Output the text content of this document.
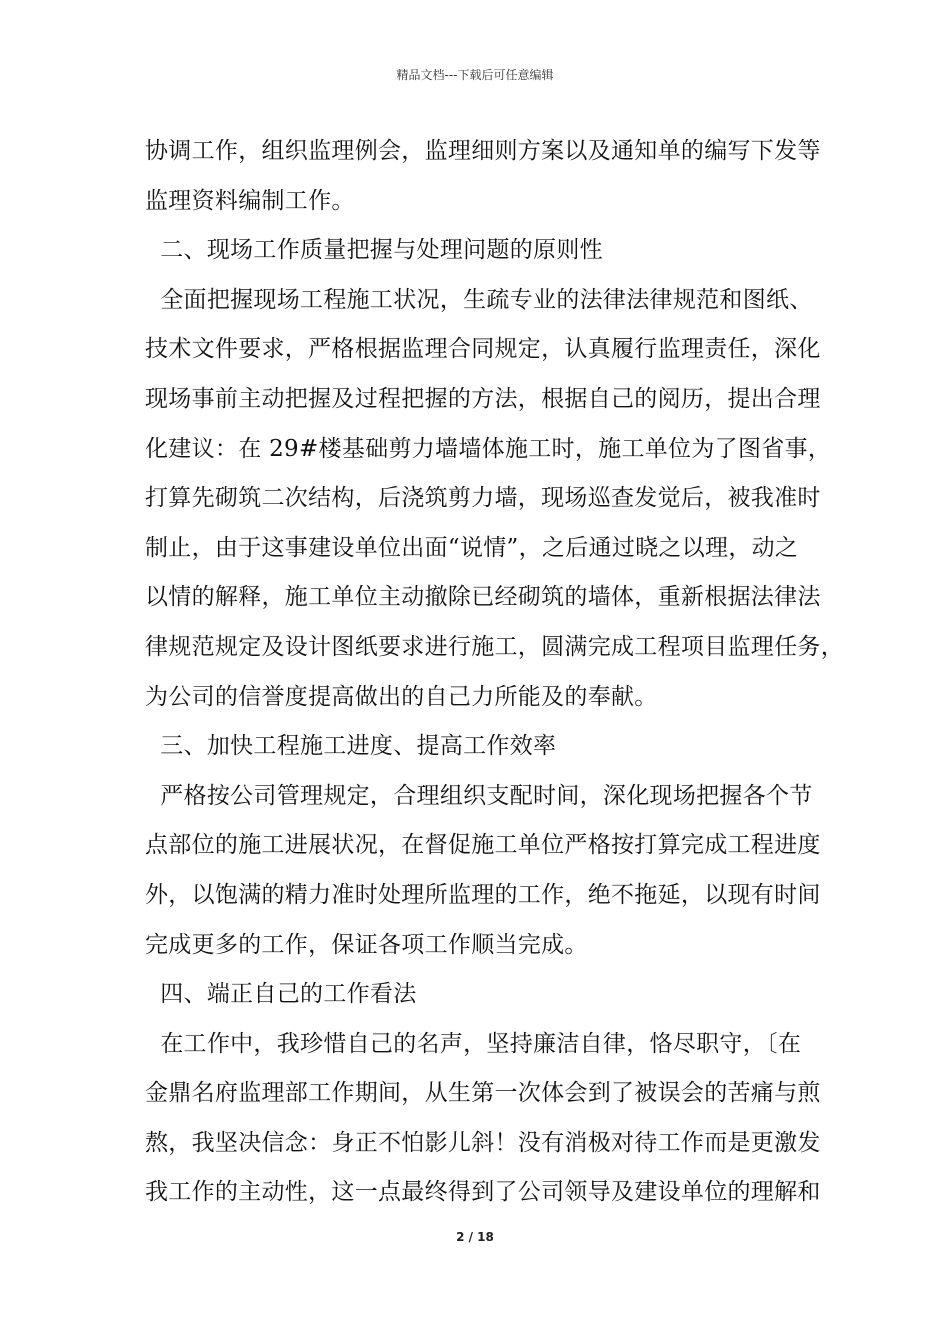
精品文档---下载后可任意编辑
协调工作，组织监理例会，监理细则方案以及通知单的编写下发等
监理资料编制工作。
二、现场工作质量把握与处理问题的原则性
全面把握现场工程施工状况，生疏专业的法律法律规范和图纸、
技术文件要求，严格根据监理合同规定，认真履行监理责任，深化
现场事前主动把握及过程把握的方法，根据自己的阅历，提出合理
化建议：在 29#楼基础剪力墙墙体施工时，施工单位为了图省事，
打算先砌筑二次结构，后浇筑剪力墙，现场巡查发觉后，被我准时
制止，由于这事建设单位出面“说情”，之后通过晓之以理，动之
以情的解释，施工单位主动撤除已经砌筑的墙体，重新根据法律法
律规范规定及设计图纸要求进行施工，圆满完成工程项目监理任务，
为公司的信誉度提高做出的自己力所能及的奉献。
三、加快工程施工进度、提高工作效率
严格按公司管理规定，合理组织支配时间，深化现场把握各个节
点部位的施工进展状况，在督促施工单位严格按打算完成工程进度
外，以饱满的精力准时处理所监理的工作，绝不拖延，以现有时间
完成更多的工作，保证各项工作顺当完成。
四、端正自己的工作看法
在工作中，我珍惜自己的名声，坚持廉洁自律，恪尽职守，〔在
金鼎名府监理部工作期间，从生第一次体会到了被误会的苦痛与煎
熬，我坚决信念：身正不怕影儿斜！没有消极对待工作而是更激发
我工作的主动性，这一点最终得到了公司领导及建设单位的理解和
2 / 18
